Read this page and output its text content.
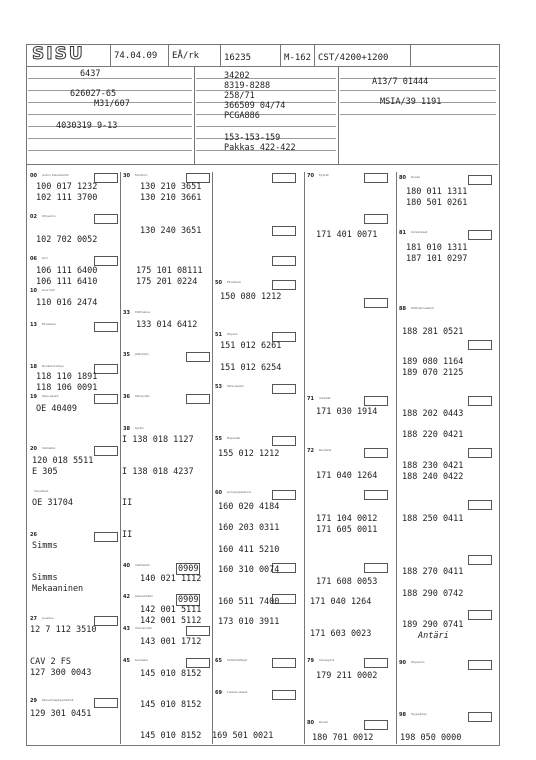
SISU	74.04.09 EÅ/rk	16235	M-162 CST/4200+1200
6437
626027-65
M31/607
4030319 9-13
34202
8319-8288
258/71
366509 04/74
PCGA886
153-153-159
Pakkas 422-422
A13/7 01444
MSIA/39 1191
00 Auton tilaustiedot
100 017 1232
102 111 3700
02 Ohjaamo
102 702 0052
06 Kori
106 111 6400
106 111 6410
10 Kuormat
110 016 2474
13 Etuakseli
18 Runkokiinnitys
118 110 1891
118 106 0091
19 Taka-akseli
OE 40409
20 Vetolaite
120 018 5511
E 305
Varusteet
OE 31704
26
Simms
Simms
Mekaaninen
27 Jousitus
12 7 112 3510
CAV 2 FS
127 300 0043
29 Paineilmajärjestelmä
129 301 0451
30 Moottori
130 210 3651
130 210 3661
130 240 3651
175 101 08111
175 201 0224
33 Polttoaine
133 014 6412
35 Jäähdytin
36 Pakoputki
38 Kytkin
I 138 018 1127
I 138 018 4237
II
II
40 Vaihteisto	0909
140 021 1112
42 Jakolaatikko	0909
142 001 5111
142 001 5112
43 Voimanotto
143 001 1712
45 Kardaani
145 010 8152
145 010 8152
145 010 8152
50 Etuakseli
150 080 1212
51 Ohjaus
151 012 6261
151 012 6254
53 Taka-akseli
55 Napaväli
155 012 1212
60 Jarrujärjestelmä
160 020 4184
160 203 0311
160 411 5210
160 310 0074
160 511 7400
173 010 3911
65 Sähkölaitteet
69 Lisävarusteet
169 501 0021
70 Pyörät
171 401 0071
71 Vanteet
171 030 1914
72 Renkaat
171 040 1264
171 104 0012
171 605 0011
171 608 0053
171 040 1264
171 603 0023
79 Varapyörä
179 211 0002
80 Runko
180 701 0012
80 Runko
180 011 1311
180 501 0261
81 Kiinnikkeet
181 010 1311
187 101 0297
88 Polttoainesäiliö
188 281 0521
189 080 1164
189 070 2125
188 202 0443
188 220 0421
188 230 0421
188 240 0422
188 250 0411
188 270 0411
188 290 0742
189 290 0741
Antäri
90 Ohjaamo
98 Tyyppikilpi
198 050 0000
